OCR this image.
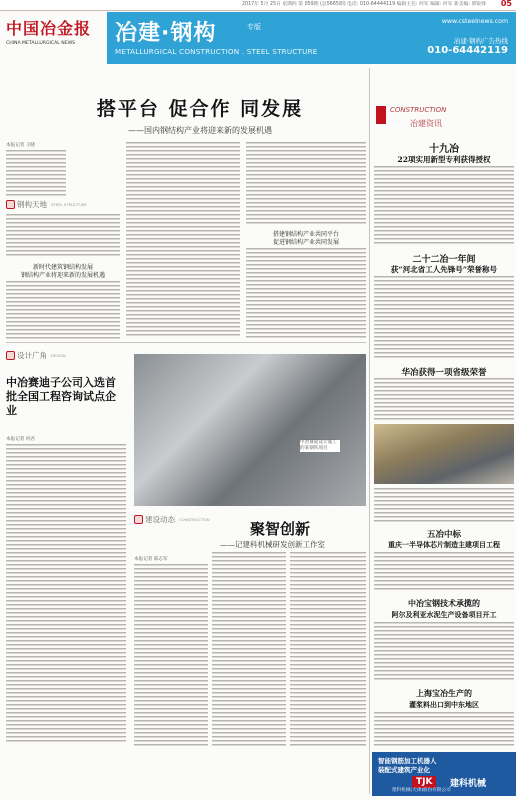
2017年 5月 25日 星期四 第 059期 (总5665期) 电话: 010-64444119 编辑主任: 何军 编辑: 何军 新美编: 郭锐锋 05
中国冶金报
CHINA METALLURGICAL NEWS	冶建·钢构	专版
METALLURGICAL CONSTRUCTION . STEEL STRUCTURE
www.csteelnews.com
冶建·钢构广告热线
010-64442119
搭平台 促合作 同发展
——国内钢结构产业将迎来新的发展机遇
本报记者 王晓
钢构天地 STEEL STRUCTURE
新时代建筑钢结构发展
钢结构产业将迎来新的发展机遇
搭建钢结构产业共同平台
促进钢结构产业共同发展
设计广角 DESIGN
中冶赛迪子公司入选首批全国工程咨询试点企业
本报记者 何君
中冶赛迪设计施工的某钢铁项目
建设动态 CONSTRUCTION
聚智创新
——记建科机械研发创新工作室
本报记者 陈志军
CONSTRUCTION
冶建资讯
十九冶
22项实用新型专利获得授权
二十二冶一年间
获“河北省工人先锋号”荣誉称号
华冶获得一项省级荣誉
五冶中标
重庆一半导体芯片制造主建项目工程
中冶宝钢技术承揽的
阿尔及利亚水泥生产设备项目开工
上海宝冶生产的
灌浆料出口到中东地区
智能钢筋加工机器人
装配式建筑产业化
TJK	建科机械
建科机械(天津)股份有限公司
